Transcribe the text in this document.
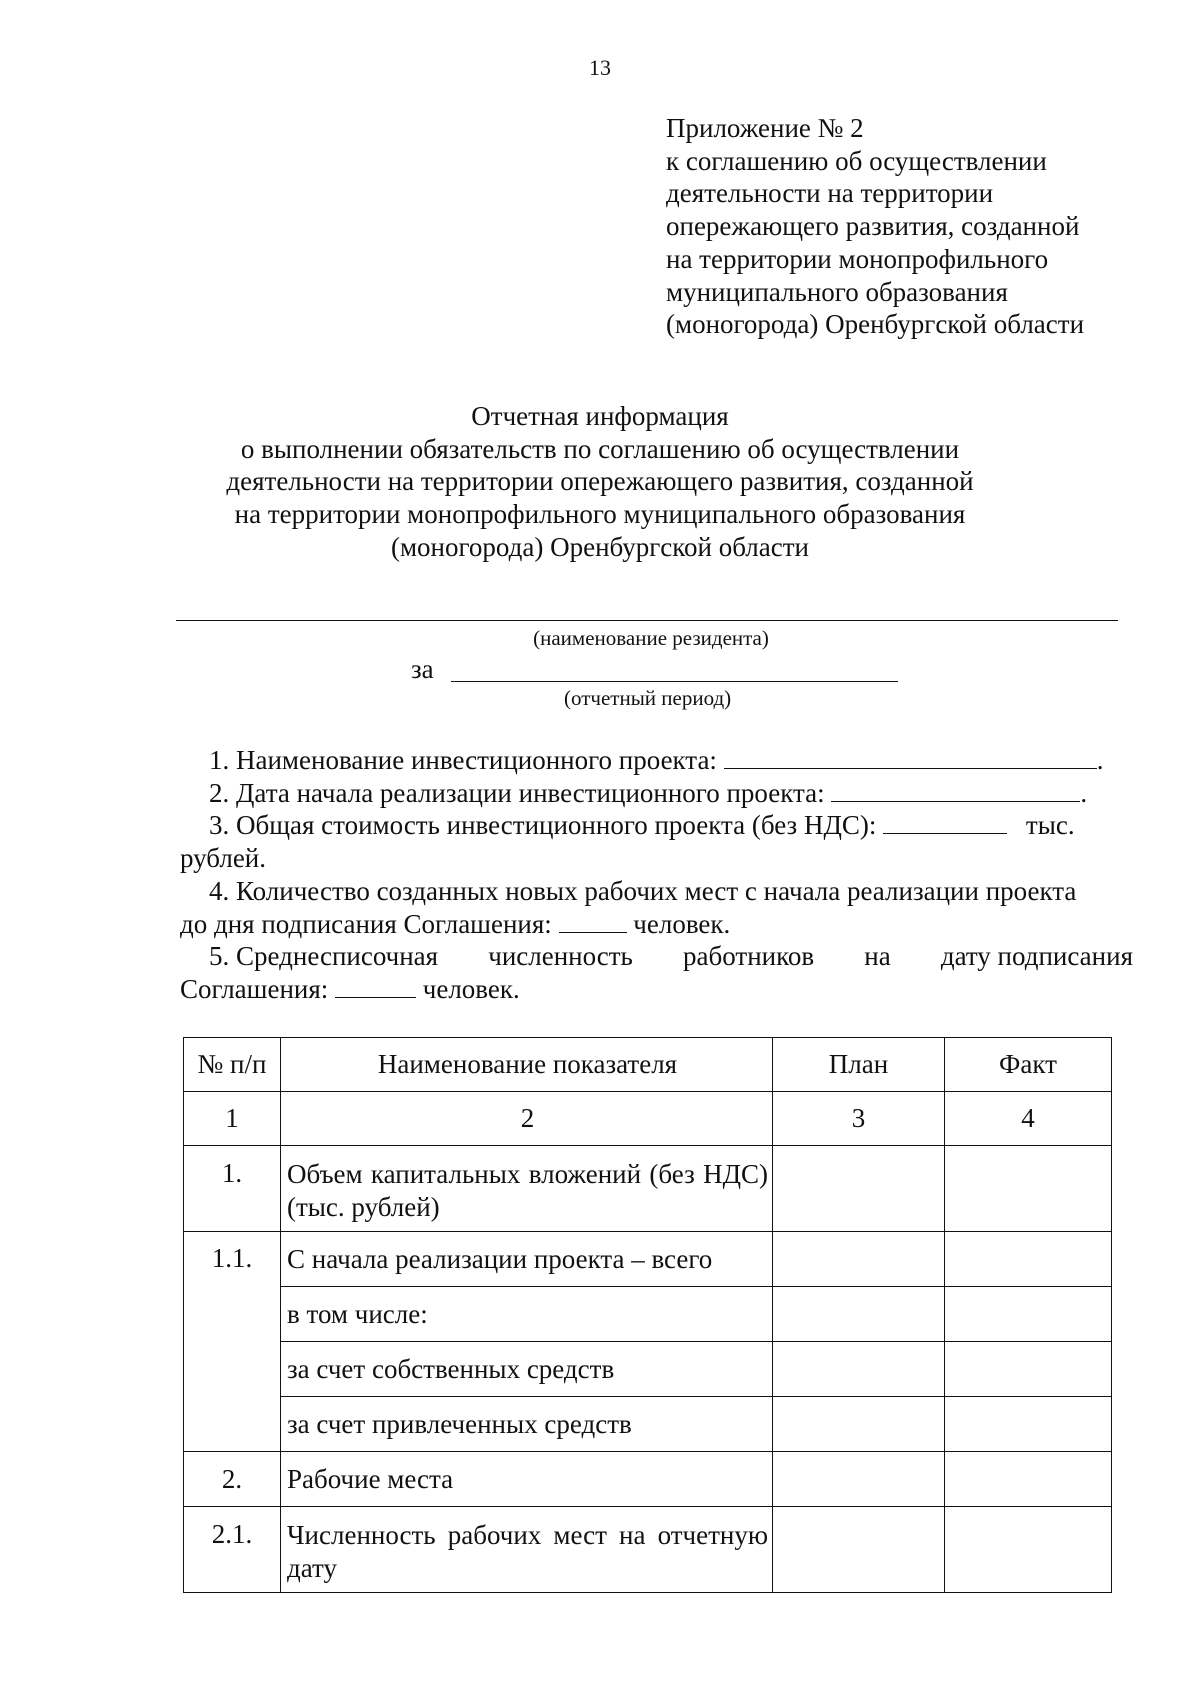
13
Приложение № 2
к соглашению об осуществлении
деятельности на территории
опережающего развития, созданной
на территории монопрофильного
муниципального образования
(моногорода) Оренбургской области
Отчетная информация
о выполнении обязательств по соглашению об осуществлении
деятельности на территории опережающего развития, созданной
на территории монопрофильного муниципального образования
(моногорода) Оренбургской области
(наименование резидента)
за
(отчетный период)
1. Наименование инвестиционного проекта:	.
2. Дата начала реализации инвестиционного проекта:	.
3. Общая стоимость инвестиционного проекта (без НДС):	тыс.
рублей.
4. Количество созданных новых рабочих мест с начала реализации проекта
до дня подписания Соглашения:	человек.
5. Среднесписочная численность работников на дату подписания
Соглашения:	человек.
№ п/п	Наименование показателя	План	Факт
1	2	3	4
1.	Объем капитальных вложений (без НДС) (тыс. рублей)		
1.1.	С начала реализации проекта – всего		
	в том числе:		
	за счет собственных средств		
	за счет привлеченных средств		
2.	Рабочие места		
2.1.	Численность рабочих мест на отчетную дату		
